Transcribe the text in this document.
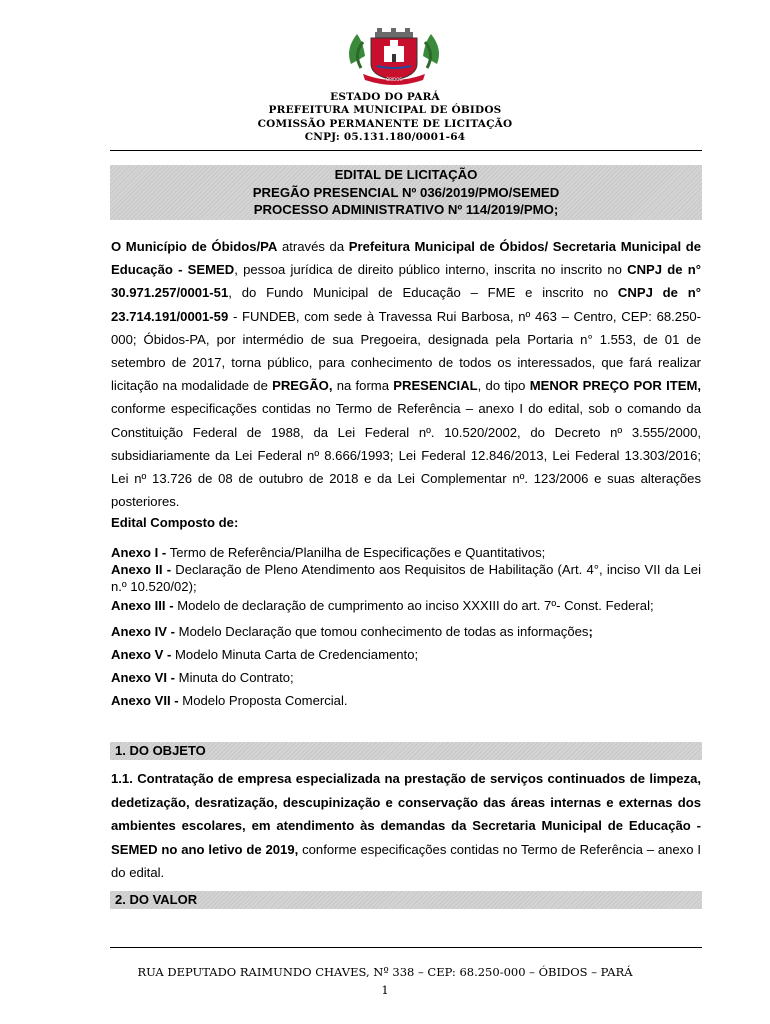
ÓBIDOS
ESTADO DO PARÁ
PREFEITURA MUNICIPAL DE ÓBIDOS
COMISSÃO PERMANENTE DE LICITAÇÃO
CNPJ: 05.131.180/0001-64
EDITAL DE LICITAÇÃO
PREGÃO PRESENCIAL Nº 036/2019/PMO/SEMED
PROCESSO ADMINISTRATIVO Nº 114/2019/PMO;
O Município de Óbidos/PA através da Prefeitura Municipal de Óbidos/ Secretaria Municipal de Educação - SEMED, pessoa jurídica de direito público interno, inscrita no inscrito no CNPJ de n° 30.971.257/0001-51, do Fundo Municipal de Educação – FME e inscrito no CNPJ de n° 23.714.191/0001-59 - FUNDEB, com sede à Travessa Rui Barbosa, nº 463 – Centro, CEP: 68.250-000; Óbidos-PA, por intermédio de sua Pregoeira, designada pela Portaria n° 1.553, de 01 de setembro de 2017, torna público, para conhecimento de todos os interessados, que fará realizar licitação na modalidade de PREGÃO, na forma PRESENCIAL, do tipo MENOR PREÇO POR ITEM, conforme especificações contidas no Termo de Referência – anexo I do edital, sob o comando da Constituição Federal de 1988, da Lei Federal nº. 10.520/2002, do Decreto nº 3.555/2000, subsidiariamente da Lei Federal nº 8.666/1993; Lei Federal 12.846/2013, Lei Federal 13.303/2016; Lei nº 13.726 de 08 de outubro de 2018 e da Lei Complementar nº. 123/2006 e suas alterações posteriores.
Edital Composto de:

Anexo I - Termo de Referência/Planilha de Especificações e Quantitativos;

Anexo II - Declaração de Pleno Atendimento aos Requisitos de Habilitação (Art. 4°, inciso VII da Lei n.º 10.520/02);

Anexo III - Modelo de declaração de cumprimento ao inciso XXXIII do art. 7º- Const. Federal;

Anexo IV - Modelo Declaração que tomou conhecimento de todas as informações;

Anexo V - Modelo Minuta Carta de Credenciamento;

Anexo VI - Minuta do Contrato;

Anexo VII - Modelo Proposta Comercial.

1. DO OBJETO
1.1. Contratação de empresa especializada na prestação de serviços continuados de limpeza, dedetização, desratização, descupinização e conservação das áreas internas e externas dos ambientes escolares, em atendimento às demandas da Secretaria Municipal de Educação - SEMED no ano letivo de 2019, conforme especificações contidas no Termo de Referência – anexo I do edital.
2. DO VALOR
RUA DEPUTADO RAIMUNDO CHAVES, Nº 338 – CEP: 68.250-000 – ÓBIDOS – PARÁ
1
